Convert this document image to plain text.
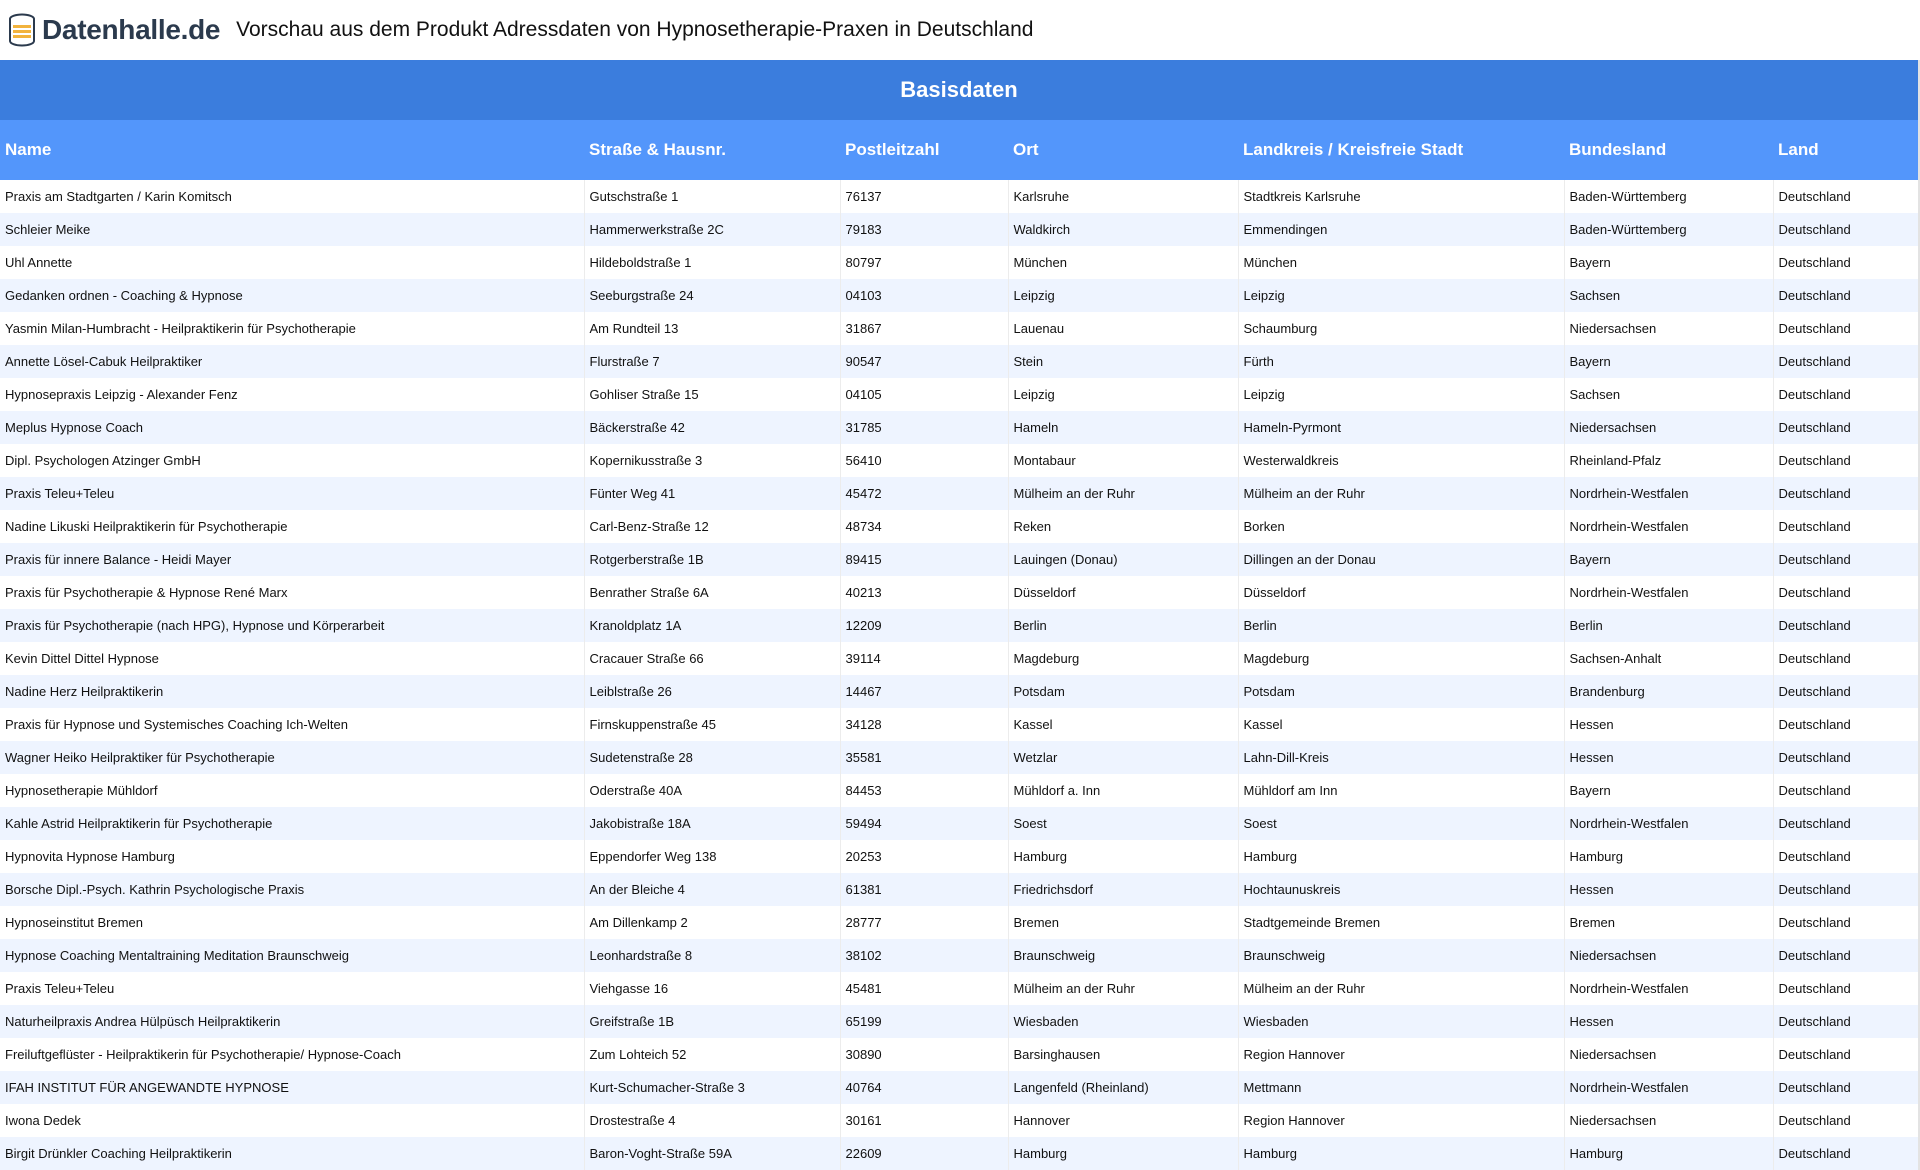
Datenhalle.de Vorschau aus dem Produkt Adressdaten von Hypnosetherapie-Praxen in Deutschland
Basisdaten
Name	Straße & Hausnr.	Postleitzahl	Ort	Landkreis / Kreisfreie Stadt	Bundesland	Land
Praxis am Stadtgarten / Karin Komitsch	Gutschstraße 1	76137	Karlsruhe	Stadtkreis Karlsruhe	Baden-Württemberg	Deutschland
Schleier Meike	Hammerwerkstraße 2C	79183	Waldkirch	Emmendingen	Baden-Württemberg	Deutschland
Uhl Annette	Hildeboldstraße 1	80797	München	München	Bayern	Deutschland
Gedanken ordnen - Coaching & Hypnose	Seeburgstraße 24	04103	Leipzig	Leipzig	Sachsen	Deutschland
Yasmin Milan-Humbracht - Heilpraktikerin für Psychotherapie	Am Rundteil 13	31867	Lauenau	Schaumburg	Niedersachsen	Deutschland
Annette Lösel-Cabuk Heilpraktiker	Flurstraße 7	90547	Stein	Fürth	Bayern	Deutschland
Hypnosepraxis Leipzig - Alexander Fenz	Gohliser Straße 15	04105	Leipzig	Leipzig	Sachsen	Deutschland
Meplus Hypnose Coach	Bäckerstraße 42	31785	Hameln	Hameln-Pyrmont	Niedersachsen	Deutschland
Dipl. Psychologen Atzinger GmbH	Kopernikusstraße 3	56410	Montabaur	Westerwaldkreis	Rheinland-Pfalz	Deutschland
Praxis Teleu+Teleu	Fünter Weg 41	45472	Mülheim an der Ruhr	Mülheim an der Ruhr	Nordrhein-Westfalen	Deutschland
Nadine Likuski Heilpraktikerin für Psychotherapie	Carl-Benz-Straße 12	48734	Reken	Borken	Nordrhein-Westfalen	Deutschland
Praxis für innere Balance - Heidi Mayer	Rotgerberstraße 1B	89415	Lauingen (Donau)	Dillingen an der Donau	Bayern	Deutschland
Praxis für Psychotherapie & Hypnose René Marx	Benrather Straße 6A	40213	Düsseldorf	Düsseldorf	Nordrhein-Westfalen	Deutschland
Praxis für Psychotherapie (nach HPG), Hypnose und Körperarbeit	Kranoldplatz 1A	12209	Berlin	Berlin	Berlin	Deutschland
Kevin Dittel Dittel Hypnose	Cracauer Straße 66	39114	Magdeburg	Magdeburg	Sachsen-Anhalt	Deutschland
Nadine Herz Heilpraktikerin	Leiblstraße 26	14467	Potsdam	Potsdam	Brandenburg	Deutschland
Praxis für Hypnose und Systemisches Coaching Ich-Welten	Firnskuppenstraße 45	34128	Kassel	Kassel	Hessen	Deutschland
Wagner Heiko Heilpraktiker für Psychotherapie	Sudetenstraße 28	35581	Wetzlar	Lahn-Dill-Kreis	Hessen	Deutschland
Hypnosetherapie Mühldorf	Oderstraße 40A	84453	Mühldorf a. Inn	Mühldorf am Inn	Bayern	Deutschland
Kahle Astrid Heilpraktikerin für Psychotherapie	Jakobistraße 18A	59494	Soest	Soest	Nordrhein-Westfalen	Deutschland
Hypnovita Hypnose Hamburg	Eppendorfer Weg 138	20253	Hamburg	Hamburg	Hamburg	Deutschland
Borsche Dipl.-Psych. Kathrin Psychologische Praxis	An der Bleiche 4	61381	Friedrichsdorf	Hochtaunuskreis	Hessen	Deutschland
Hypnoseinstitut Bremen	Am Dillenkamp 2	28777	Bremen	Stadtgemeinde Bremen	Bremen	Deutschland
Hypnose Coaching Mentaltraining Meditation Braunschweig	Leonhardstraße 8	38102	Braunschweig	Braunschweig	Niedersachsen	Deutschland
Praxis Teleu+Teleu	Viehgasse 16	45481	Mülheim an der Ruhr	Mülheim an der Ruhr	Nordrhein-Westfalen	Deutschland
Naturheilpraxis Andrea Hülpüsch Heilpraktikerin	Greifstraße 1B	65199	Wiesbaden	Wiesbaden	Hessen	Deutschland
Freiluftgeflüster - Heilpraktikerin für Psychotherapie/ Hypnose-Coach	Zum Lohteich 52	30890	Barsinghausen	Region Hannover	Niedersachsen	Deutschland
IFAH INSTITUT FÜR ANGEWANDTE HYPNOSE	Kurt-Schumacher-Straße 3	40764	Langenfeld (Rheinland)	Mettmann	Nordrhein-Westfalen	Deutschland
Iwona Dedek	Drostestraße 4	30161	Hannover	Region Hannover	Niedersachsen	Deutschland
Birgit Drünkler Coaching Heilpraktikerin	Baron-Voght-Straße 59A	22609	Hamburg	Hamburg	Hamburg	Deutschland
